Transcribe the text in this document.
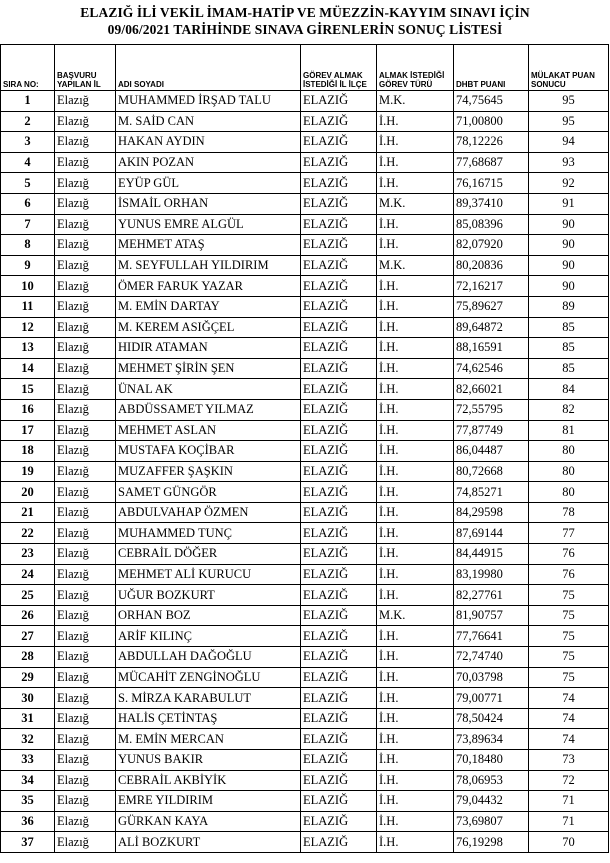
ELAZIĞ İLİ VEKİL İMAM-HATİP VE MÜEZZİN-KAYYIM SINAVI İÇİN
09/06/2021 TARİHİNDE SINAVA GİRENLERİN SONUÇ LİSTESİ
SIRA NO:	BAŞVURU YAPILAN İL	ADI SOYADI	GÖREV ALMAK İSTEDİĞİ İL İLÇE	ALMAK İSTEDİĞİ GÖREV TÜRÜ	DHBT PUANI	MÜLAKAT PUAN SONUCU
1	Elazığ	MUHAMMED İRŞAD TALU	ELAZIĞ	M.K.	74,75645	95
2	Elazığ	M. SAİD CAN	ELAZIĞ	İ.H.	71,00800	95
3	Elazığ	HAKAN AYDIN	ELAZIĞ	İ.H.	78,12226	94
4	Elazığ	AKIN POZAN	ELAZIĞ	İ.H.	77,68687	93
5	Elazığ	EYÜP GÜL	ELAZIĞ	İ.H.	76,16715	92
6	Elazığ	İSMAİL ORHAN	ELAZIĞ	M.K.	89,37410	91
7	Elazığ	YUNUS EMRE ALGÜL	ELAZIĞ	İ.H.	85,08396	90
8	Elazığ	MEHMET ATAŞ	ELAZIĞ	İ.H.	82,07920	90
9	Elazığ	M. SEYFULLAH YILDIRIM	ELAZIĞ	M.K.	80,20836	90
10	Elazığ	ÖMER FARUK YAZAR	ELAZIĞ	İ.H.	72,16217	90
11	Elazığ	M. EMİN DARTAY	ELAZIĞ	İ.H.	75,89627	89
12	Elazığ	M. KEREM ASIĞÇEL	ELAZIĞ	İ.H.	89,64872	85
13	Elazığ	HIDIR ATAMAN	ELAZIĞ	İ.H.	88,16591	85
14	Elazığ	MEHMET ŞİRİN ŞEN	ELAZIĞ	İ.H.	74,62546	85
15	Elazığ	ÜNAL AK	ELAZIĞ	İ.H.	82,66021	84
16	Elazığ	ABDÜSSAMET YILMAZ	ELAZIĞ	İ.H.	72,55795	82
17	Elazığ	MEHMET ASLAN	ELAZIĞ	İ.H.	77,87749	81
18	Elazığ	MUSTAFA KOÇİBAR	ELAZIĞ	İ.H.	86,04487	80
19	Elazığ	MUZAFFER ŞAŞKIN	ELAZIĞ	İ.H.	80,72668	80
20	Elazığ	SAMET GÜNGÖR	ELAZIĞ	İ.H.	74,85271	80
21	Elazığ	ABDULVAHAP ÖZMEN	ELAZIĞ	İ.H.	84,29598	78
22	Elazığ	MUHAMMED TUNÇ	ELAZIĞ	İ.H.	87,69144	77
23	Elazığ	CEBRAİL DÖĞER	ELAZIĞ	İ.H.	84,44915	76
24	Elazığ	MEHMET ALİ KURUCU	ELAZIĞ	İ.H.	83,19980	76
25	Elazığ	UĞUR BOZKURT	ELAZIĞ	İ.H.	82,27761	75
26	Elazığ	ORHAN BOZ	ELAZIĞ	M.K.	81,90757	75
27	Elazığ	ARİF KILINÇ	ELAZIĞ	İ.H.	77,76641	75
28	Elazığ	ABDULLAH DAĞOĞLU	ELAZIĞ	İ.H.	72,74740	75
29	Elazığ	MÜCAHİT ZENGİNOĞLU	ELAZIĞ	İ.H.	70,03798	75
30	Elazığ	S. MİRZA KARABULUT	ELAZIĞ	İ.H.	79,00771	74
31	Elazığ	HALİS ÇETİNTAŞ	ELAZIĞ	İ.H.	78,50424	74
32	Elazığ	M. EMİN MERCAN	ELAZIĞ	İ.H.	73,89634	74
33	Elazığ	YUNUS BAKIR	ELAZIĞ	İ.H.	70,18480	73
34	Elazığ	CEBRAİL AKBİYİK	ELAZIĞ	İ.H.	78,06953	72
35	Elazığ	EMRE YILDIRIM	ELAZIĞ	İ.H.	79,04432	71
36	Elazığ	GÜRKAN KAYA	ELAZIĞ	İ.H.	73,69807	71
37	Elazığ	ALİ BOZKURT	ELAZIĞ	İ.H.	76,19298	70
